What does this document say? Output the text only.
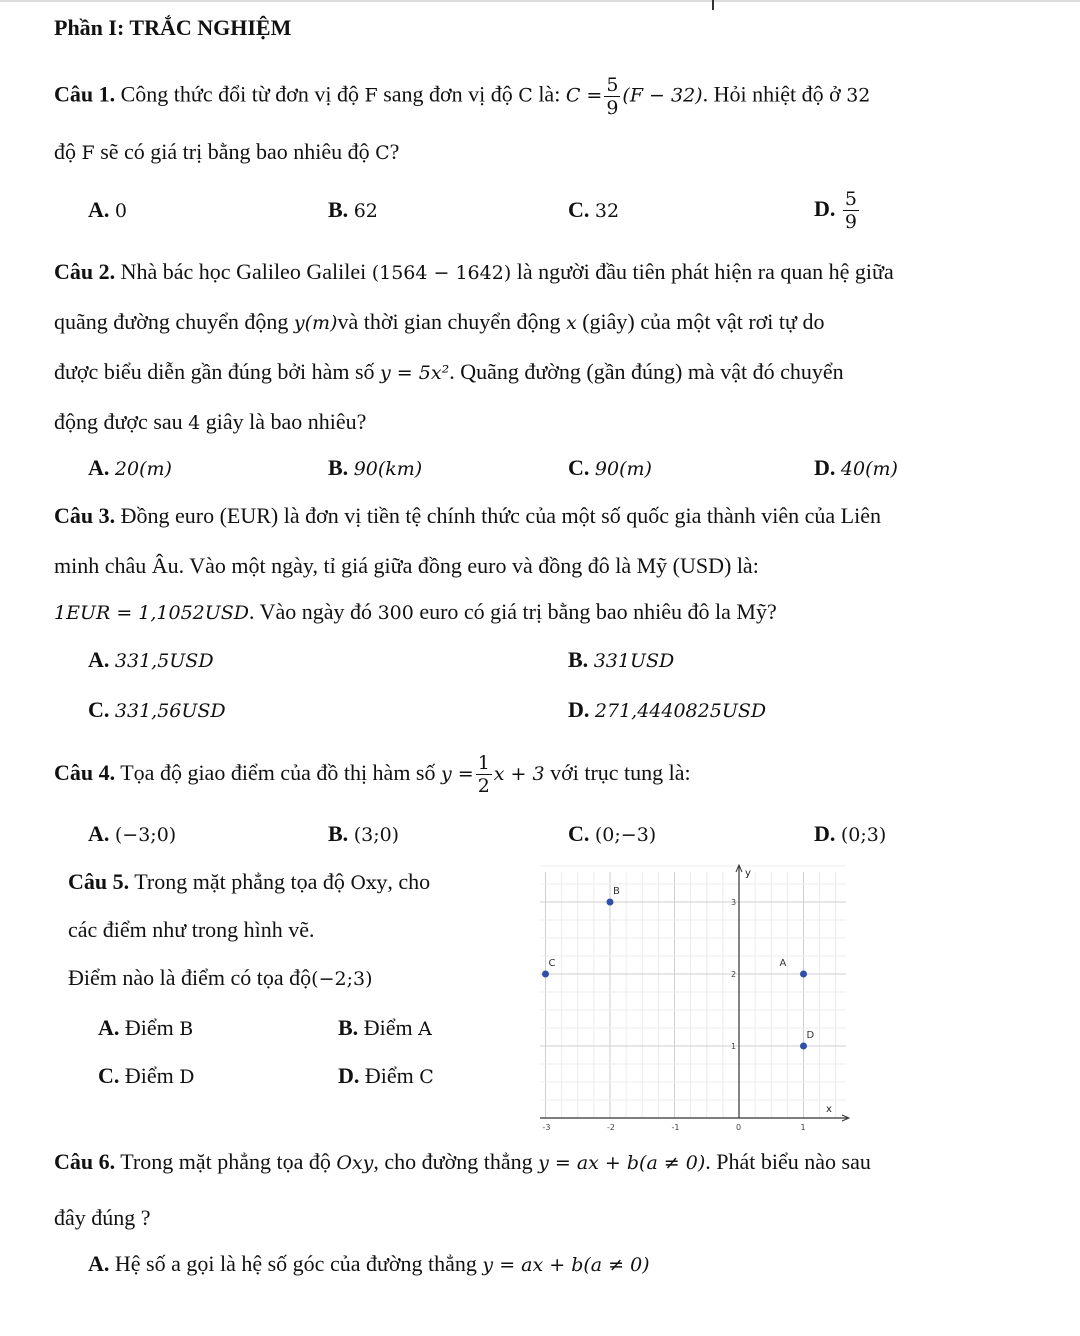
Phần I: TRẮC NGHIỆM
Câu 1. Công thức đổi từ đơn vị độ F sang đơn vị độ C là: $C = \frac{5}{9} (F - 32)$. Hỏi nhiệt độ ở 32
độ F sẽ có giá trị bằng bao nhiêu độ C?
A. 0	B. 62	C. 32	D. $\frac{5}{9}$
Câu 2. Nhà bác học Galileo Galilei (1564 − 1642) là người đầu tiên phát hiện ra quan hệ giữa
quãng đường chuyển động y(m)và thời gian chuyển động x (giây) của một vật rơi tự do
được biểu diễn gần đúng bởi hàm số y = 5x². Quãng đường (gần đúng) mà vật đó chuyển
động được sau 4 giây là bao nhiêu?
A. 20(m)	B. 90(km)	C. 90(m)	D. 40(m)
Câu 3. Đồng euro (EUR) là đơn vị tiền tệ chính thức của một số quốc gia thành viên của Liên
minh châu Âu. Vào một ngày, tỉ giá giữa đồng euro và đồng đô là Mỹ (USD) là:
1EUR = 1,1052USD. Vào ngày đó 300 euro có giá trị bằng bao nhiêu đô la Mỹ?
A. 331,5USD	B. 331USD
C. 331,56USD	D. 271,4440825USD
Câu 4. Tọa độ giao điểm của đồ thị hàm số $y = \frac{1}{2}$ x + 3 với trục tung là:
A. (−3;0)	B. (3;0)	C. (0;−3)	D. (0;3)
Câu 5. Trong mặt phẳng tọa độ Oxy, cho
các điểm như trong hình vẽ.
Điểm nào là điểm có tọa độ(−2;3)
A. Điểm B	B. Điểm A
C. Điểm D	D. Điểm C
x
y
-3	-2	-1	0	1
1
2
3
B
C	A
D
Câu 6. Trong mặt phẳng tọa độ Oxy, cho đường thẳng y = ax + b(a ≠ 0). Phát biểu nào sau
đây đúng ?
A. Hệ số a gọi là hệ số góc của đường thẳng y = ax + b(a ≠ 0)
